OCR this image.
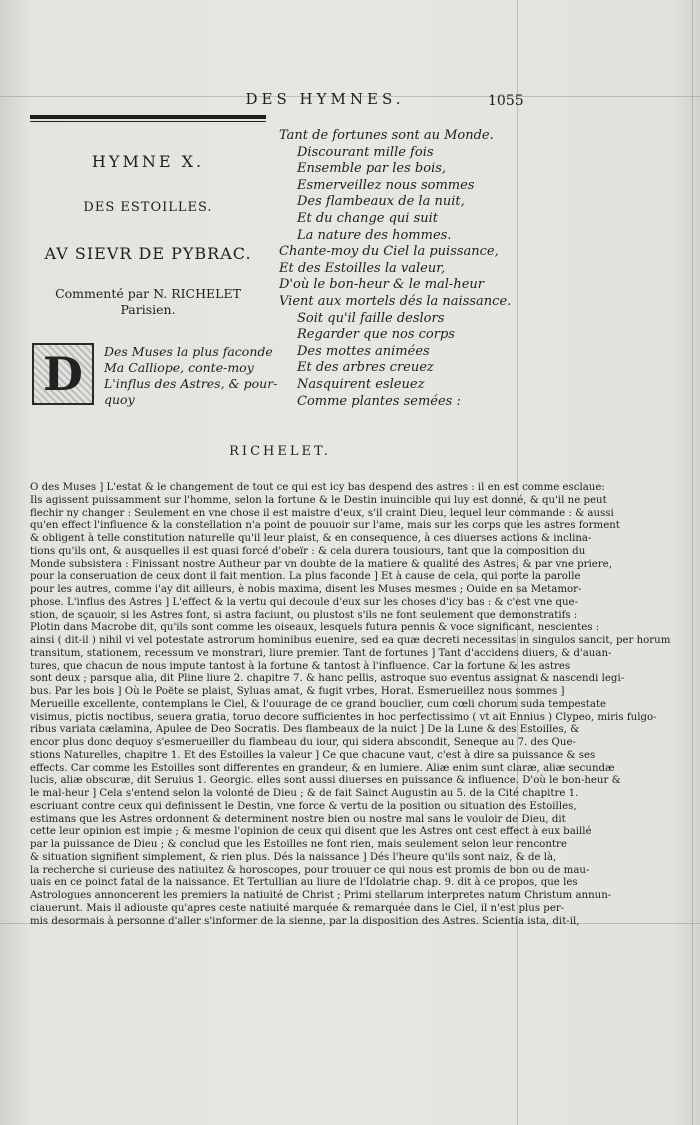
DES HYMNES.	1055
HYMNE X.
DES ESTOILLES.
AV SIEVR DE PYBRAC.
Commenté par N. RICHELET
Parisien.
D	Des Muses la plus faconde
Ma Calliope, conte-moy
L'influs des Astres, & pour-
quoy
Tant de fortunes sont au Monde.
Discourant mille fois
Ensemble par les bois,
Esmerveillez nous sommes
Des flambeaux de la nuit,
Et du change qui suit
La nature des hommes.
Chante-moy du Ciel la puissance,
Et des Estoilles la valeur,
D'où le bon-heur & le mal-heur
Vient aux mortels dés la naissance.
Soit qu'il faille deslors
Regarder que nos corps
Des mottes animées
Et des arbres creuez
Nasquirent esleuez
Comme plantes semées :
RICHELET.
O des Muses ] L'estat & le changement de tout ce qui est icy bas despend des astres : il en est comme esclaue:
Ils agissent puissamment sur l'homme, selon la fortune & le Destin inuincible qui luy est donné, & qu'il ne peut
flechir ny changer : Seulement en vne chose il est maistre d'eux, s'il craint Dieu, lequel leur commande : & aussi
qu'en effect l'influence & la constellation n'a point de pouuoir sur l'ame, mais sur les corps que les astres forment
& obligent à telle constitution naturelle qu'il leur plaist, & en consequence, à ces diuerses actions & inclina-
tions qu'ils ont, & ausquelles il est quasi forcé d'obeïr : & cela durera tousiours, tant que la composition du
Monde subsistera : Finissant nostre Autheur par vn doubte de la matiere & qualité des Astres, & par vne priere,
pour la conseruation de ceux dont il fait mention. La plus faconde ] Et à cause de cela, qui porte la parolle
pour les autres, comme i'ay dit ailleurs, è nobis maxima, disent les Muses mesmes ; Ouide en sa Metamor-
phose. L'influs des Astres ] L'effect & la vertu qui decoule d'eux sur les choses d'icy bas : & c'est vne que-
stion, de sçauoir, si les Astres font, si astra faciunt, ou plustost s'ils ne font seulement que demonstratifs :
Plotin dans Macrobe dit, qu'ils sont comme les oiseaux, lesquels futura pennis & voce significant, nescientes :
ainsi ( dit-il ) nihil vi vel potestate astrorum hominibus euenire, sed ea quæ decreti necessitas in singulos sancit, per horum
transitum, stationem, recessum ve monstrari, liure premier. Tant de fortunes ] Tant d'accidens diuers, & d'auan-
tures, que chacun de nous impute tantost à la fortune & tantost à l'influence. Car la fortune & les astres
sont deux ; parsque alia, dit Pline liure 2. chapitre 7. & hanc pellis, astroque suo eventus assignat & nascendi legi-
bus. Par les bois ] Où le Poëte se plaist, Syluas amat, & fugit vrbes, Horat. Esmerueillez nous sommes ]
Merueille excellente, contemplans le Ciel, & l'ouurage de ce grand bouclier, cum cœli chorum suda tempestate
visimus, pictis noctibus, seuera gratia, toruo decore sufficientes in hoc perfectissimo ( vt ait Ennius ) Clypeo, miris fulgo-
ribus variata cælamina, Apulee de Deo Socratis. Des flambeaux de la nuict ] De la Lune & des Estoilles, &
encor plus donc dequoy s'esmerueiller du flambeau du iour, qui sidera abscondit, Seneque au 7. des Que-
stions Naturelles, chapitre 1. Et des Estoilles la valeur ] Ce que chacune vaut, c'est à dire sa puissance & ses
effects. Car comme les Estoilles sont differentes en grandeur, & en lumiere. Aliæ enim sunt claræ, aliæ secundæ
lucis, aliæ obscuræ, dit Seruius 1. Georgic. elles sont aussi diuerses en puissance & influence. D'où le bon-heur &
le mal-heur ] Cela s'entend selon la volonté de Dieu ; & de fait Sainct Augustin au 5. de la Cité chapitre 1.
escriuant contre ceux qui definissent le Destin, vne force & vertu de la position ou situation des Estoilles,
estimans que les Astres ordonnent & determinent nostre bien ou nostre mal sans le vouloir de Dieu, dit
cette leur opinion est impie ; & mesme l'opinion de ceux qui disent que les Astres ont cest effect à eux baillé
par la puissance de Dieu ; & conclud que les Estoilles ne font rien, mais seulement selon leur rencontre
& situation signifient simplement, & rien plus. Dés la naissance ] Dés l'heure qu'ils sont naiz, & de là,
la recherche si curieuse des natiuitez & horoscopes, pour trouuer ce qui nous est promis de bon ou de mau-
uais en ce poinct fatal de la naissance. Et Tertullian au liure de l'Idolatrie chap. 9. dit à ce propos, que les
Astrologues annoncerent les premiers la natiuité de Christ ; Primi stellarum interpretes natum Christum annun-
ciauerunt. Mais il adiouste qu'apres ceste natiuité marquée & remarquée dans le Ciel, il n'est plus per-
mis desormais à personne d'aller s'informer de la sienne, par la disposition des Astres. Scientia ista, dit-il,
